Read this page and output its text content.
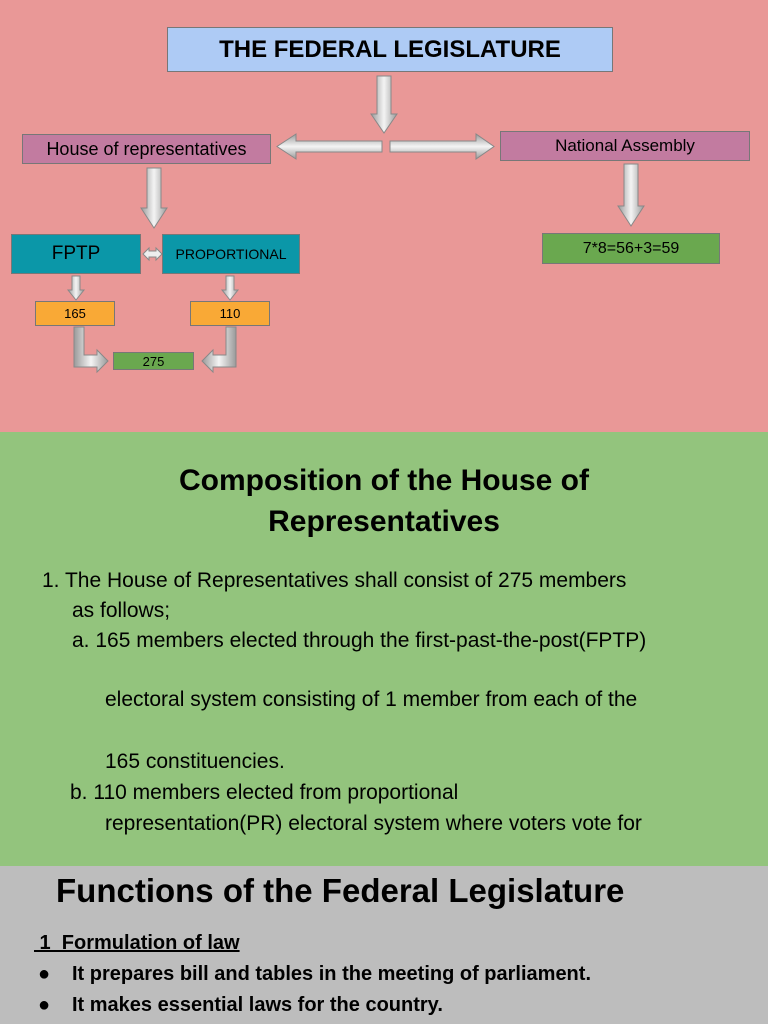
THE FEDERAL LEGISLATURE
House of representatives	National Assembly
FPTP	PROPORTIONAL
165	110
275
7*8=56+3=59
Composition of the House of
Representatives
1. The House of Representatives shall consist of 275 members
as follows;
a. 165 members elected through the first-past-the-post(FPTP)
electoral system consisting of 1 member from each of the
165 constituencies.
b. 110 members elected from proportional
representation(PR) electoral system where voters vote for
Functions of the Federal Legislature
1  Formulation of law
● It prepares bill and tables in the meeting of parliament.
● It makes essential laws for the country.
